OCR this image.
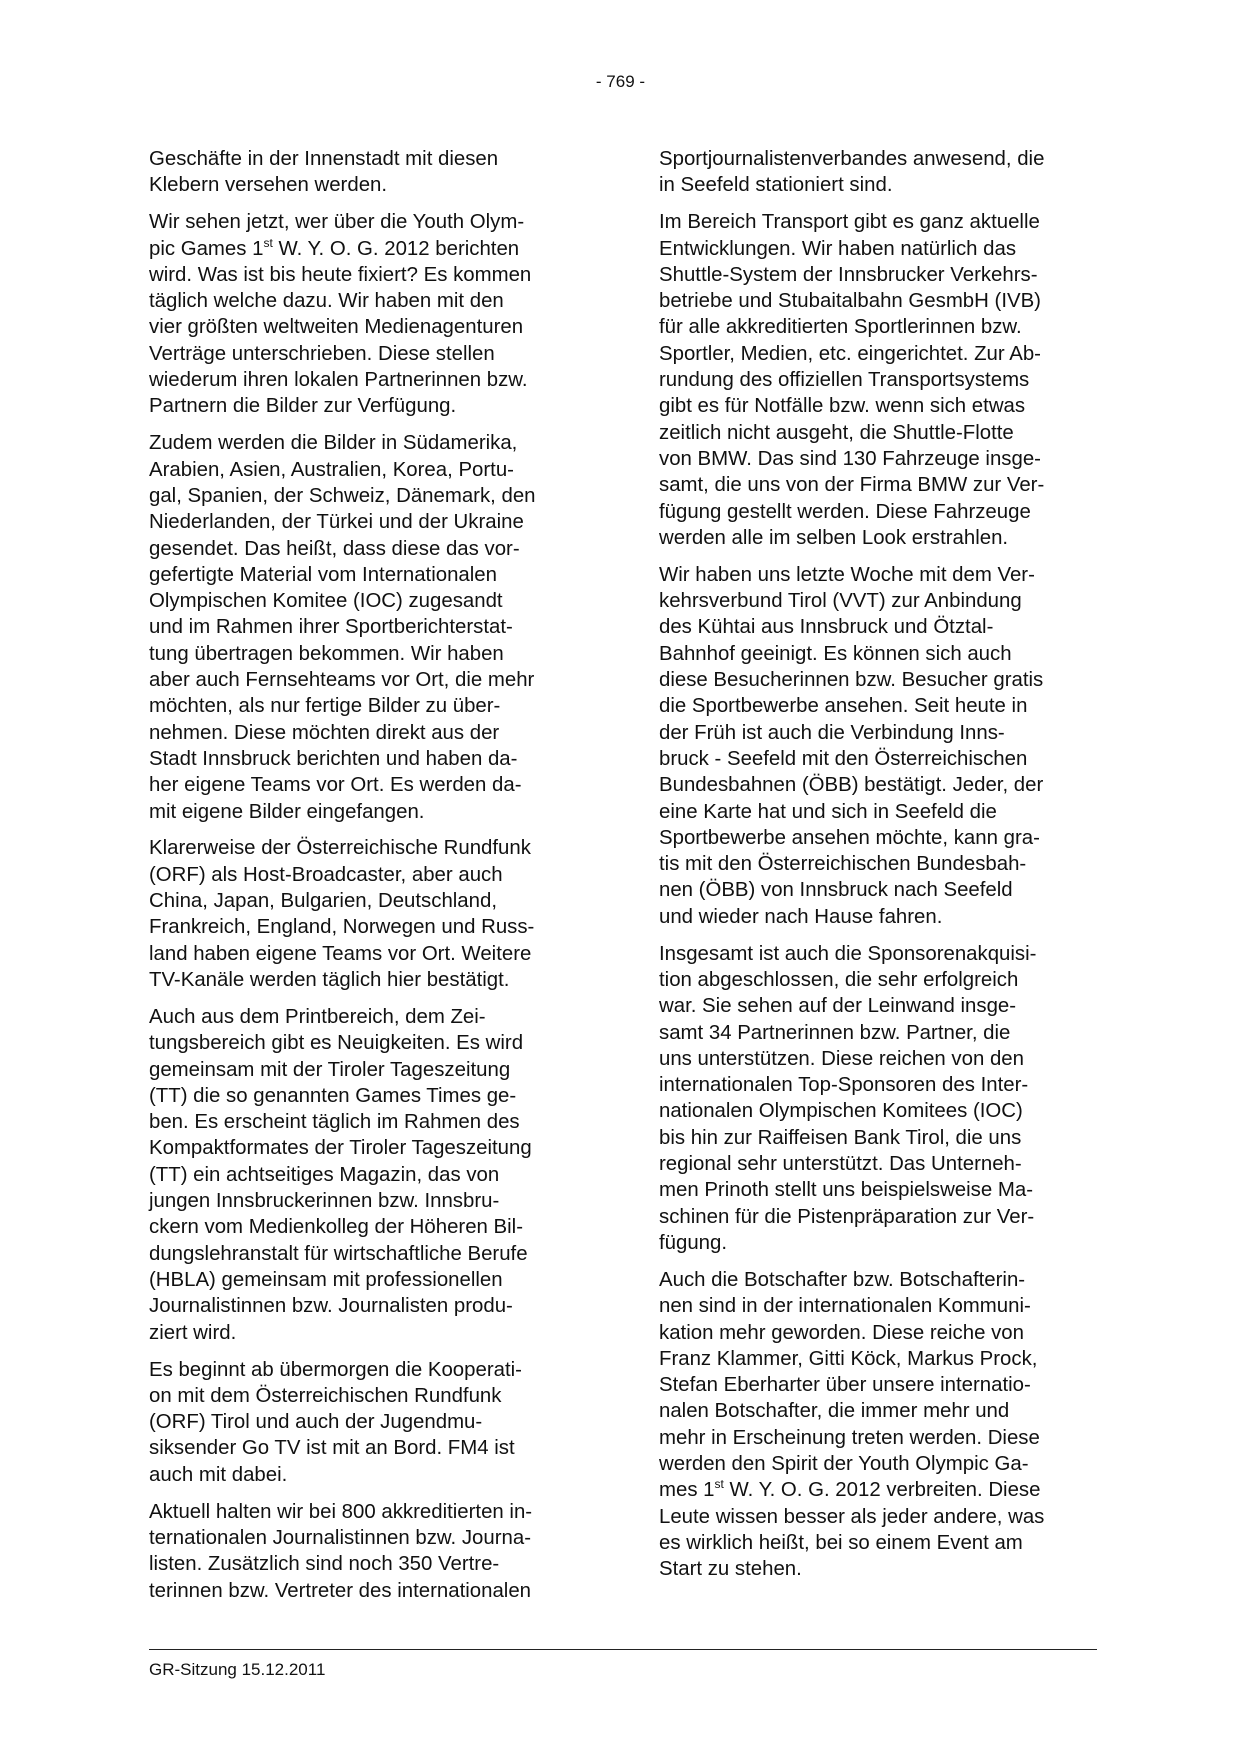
- 769 -

Geschäfte in der Innenstadt mit diesen
Klebern versehen werden.

Wir sehen jetzt, wer über die Youth Olym-
pic Games 1st W. Y. O. G. 2012 berichten
wird. Was ist bis heute fixiert? Es kommen
täglich welche dazu. Wir haben mit den
vier größten weltweiten Medienagenturen
Verträge unterschrieben. Diese stellen
wiederum ihren lokalen Partnerinnen bzw.
Partnern die Bilder zur Verfügung.

Zudem werden die Bilder in Südamerika,
Arabien, Asien, Australien, Korea, Portu-
gal, Spanien, der Schweiz, Dänemark, den
Niederlanden, der Türkei und der Ukraine
gesendet. Das heißt, dass diese das vor-
gefertigte Material vom Internationalen
Olympischen Komitee (IOC) zugesandt
und im Rahmen ihrer Sportberichterstat-
tung übertragen bekommen. Wir haben
aber auch Fernsehteams vor Ort, die mehr
möchten, als nur fertige Bilder zu über-
nehmen. Diese möchten direkt aus der
Stadt Innsbruck berichten und haben da-
her eigene Teams vor Ort. Es werden da-
mit eigene Bilder eingefangen.

Klarerweise der Österreichische Rundfunk
(ORF) als Host-Broadcaster, aber auch
China, Japan, Bulgarien, Deutschland,
Frankreich, England, Norwegen und Russ-
land haben eigene Teams vor Ort. Weitere
TV-Kanäle werden täglich hier bestätigt.

Auch aus dem Printbereich, dem Zei-
tungsbereich gibt es Neuigkeiten. Es wird
gemeinsam mit der Tiroler Tageszeitung
(TT) die so genannten Games Times ge-
ben. Es erscheint täglich im Rahmen des
Kompaktformates der Tiroler Tageszeitung
(TT) ein achtseitiges Magazin, das von
jungen Innsbruckerinnen bzw. Innsbru-
ckern vom Medienkolleg der Höheren Bil-
dungslehranstalt für wirtschaftliche Berufe
(HBLA) gemeinsam mit professionellen
Journalistinnen bzw. Journalisten produ-
ziert wird.

Es beginnt ab übermorgen die Kooperati-
on mit dem Österreichischen Rundfunk
(ORF) Tirol und auch der Jugendmu-
siksender Go TV ist mit an Bord. FM4 ist
auch mit dabei.

Aktuell halten wir bei 800 akkreditierten in-
ternationalen Journalistinnen bzw. Journa-
listen. Zusätzlich sind noch 350 Vertre-
terinnen bzw. Vertreter des internationalen

Sportjournalistenverbandes anwesend, die
in Seefeld stationiert sind.

Im Bereich Transport gibt es ganz aktuelle
Entwicklungen. Wir haben natürlich das
Shuttle-System der Innsbrucker Verkehrs-
betriebe und Stubaitalbahn GesmbH (IVB)
für alle akkreditierten Sportlerinnen bzw.
Sportler, Medien, etc. eingerichtet. Zur Ab-
rundung des offiziellen Transportsystems
gibt es für Notfälle bzw. wenn sich etwas
zeitlich nicht ausgeht, die Shuttle-Flotte
von BMW. Das sind 130 Fahrzeuge insge-
samt, die uns von der Firma BMW zur Ver-
fügung gestellt werden. Diese Fahrzeuge
werden alle im selben Look erstrahlen.

Wir haben uns letzte Woche mit dem Ver-
kehrsverbund Tirol (VVT) zur Anbindung
des Kühtai aus Innsbruck und Ötztal-
Bahnhof geeinigt. Es können sich auch
diese Besucherinnen bzw. Besucher gratis
die Sportbewerbe ansehen. Seit heute in
der Früh ist auch die Verbindung Inns-
bruck - Seefeld mit den Österreichischen
Bundesbahnen (ÖBB) bestätigt. Jeder, der
eine Karte hat und sich in Seefeld die
Sportbewerbe ansehen möchte, kann gra-
tis mit den Österreichischen Bundesbah-
nen (ÖBB) von Innsbruck nach Seefeld
und wieder nach Hause fahren.

Insgesamt ist auch die Sponsorenakquisi-
tion abgeschlossen, die sehr erfolgreich
war. Sie sehen auf der Leinwand insge-
samt 34 Partnerinnen bzw. Partner, die
uns unterstützen. Diese reichen von den
internationalen Top-Sponsoren des Inter-
nationalen Olympischen Komitees (IOC)
bis hin zur Raiffeisen Bank Tirol, die uns
regional sehr unterstützt. Das Unterneh-
men Prinoth stellt uns beispielsweise Ma-
schinen für die Pistenpräparation zur Ver-
fügung.

Auch die Botschafter bzw. Botschafterin-
nen sind in der internationalen Kommuni-
kation mehr geworden. Diese reiche von
Franz Klammer, Gitti Köck, Markus Prock,
Stefan Eberharter über unsere internatio-
nalen Botschafter, die immer mehr und
mehr in Erscheinung treten werden. Diese
werden den Spirit der Youth Olympic Ga-
mes 1st W. Y. O. G. 2012 verbreiten. Diese
Leute wissen besser als jeder andere, was
es wirklich heißt, bei so einem Event am
Start zu stehen.

GR-Sitzung 15.12.2011
